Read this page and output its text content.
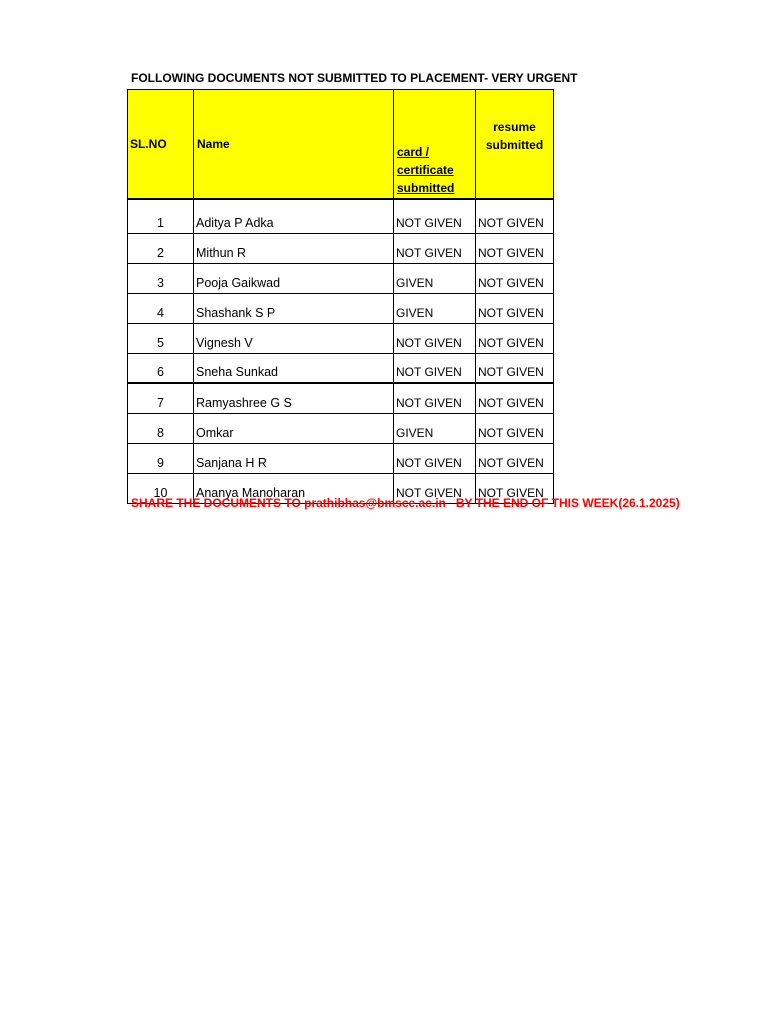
FOLLOWING DOCUMENTS NOT SUBMITTED TO PLACEMENT- VERY URGENT
SL.NO	Name	card /
certificate
submitted	resume
submitted
1	Aditya P Adka	NOT GIVEN	NOT GIVEN
2	Mithun R	NOT GIVEN	NOT GIVEN
3	Pooja Gaikwad	GIVEN	NOT GIVEN
4	Shashank S P	GIVEN	NOT GIVEN
5	Vignesh V	NOT GIVEN	NOT GIVEN
6	Sneha Sunkad	NOT GIVEN	NOT GIVEN
7	Ramyashree G S	NOT GIVEN	NOT GIVEN
8	Omkar	GIVEN	NOT GIVEN
9	Sanjana H R	NOT GIVEN	NOT GIVEN
10	Ananya Manoharan	NOT GIVEN	NOT GIVEN
SHARE THE DOCUMENTS TO prathibhas@bmsce.ac.in   BY THE END OF THIS WEEK(26.1.2025)
